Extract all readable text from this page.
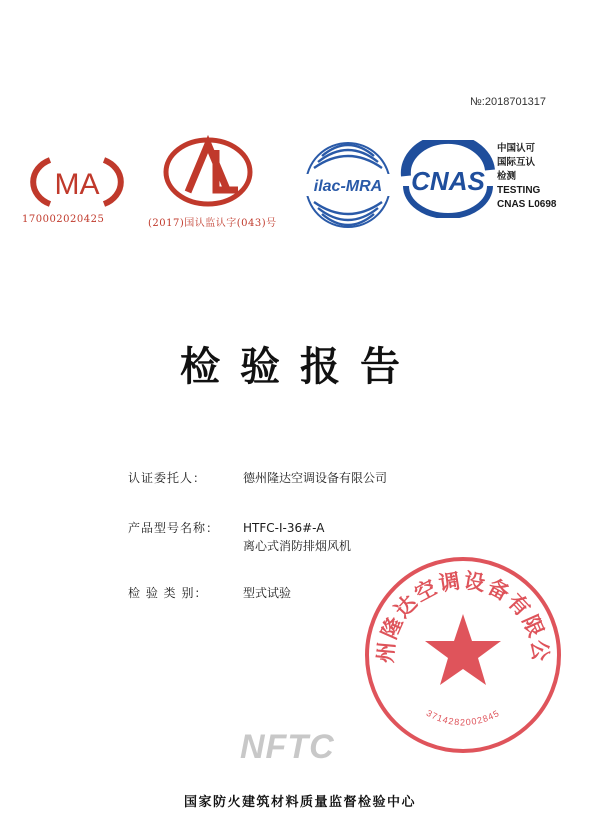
№:2018701317
MA
170002020425	(2017)国认监认字(043)号
ilac-MRA CNAS
中国认可
国际互认
检测
TESTING
CNAS L0698
检验报告
认证委托人：	德州隆达空调设备有限公司
产品型号名称： HTFC-Ⅰ-36#-A
离心式消防排烟风机
检 验 类 别：	型式试验
NFTC
州隆达空调设备有限公
3714282002845
国家防火建筑材料质量监督检验中心
